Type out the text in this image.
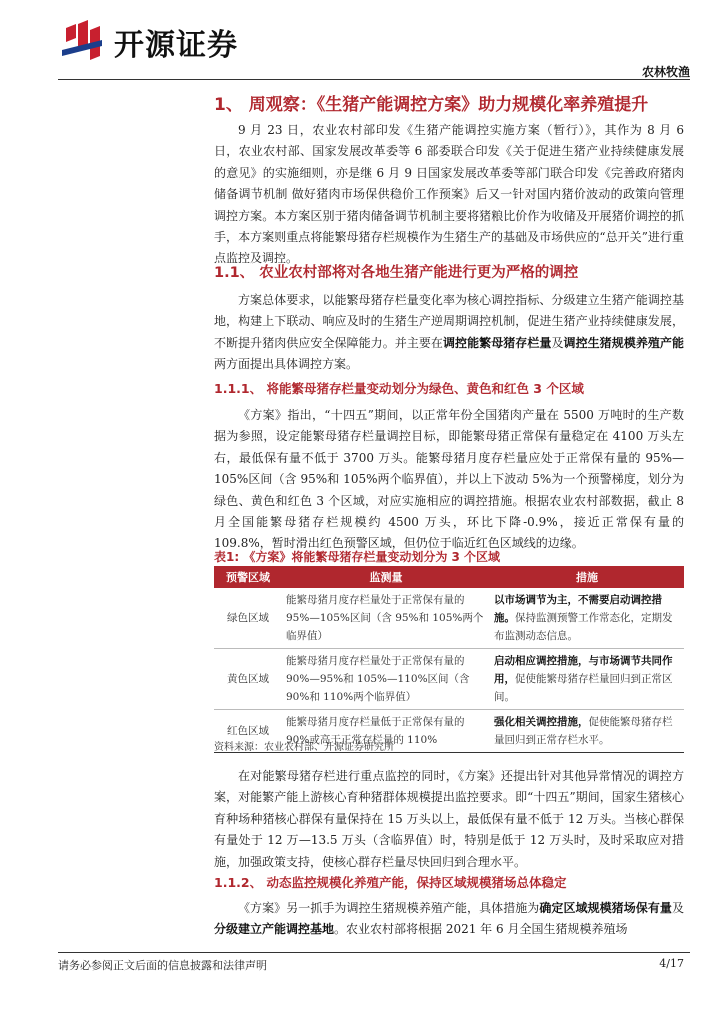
开源证券
农林牧渔
1、 周观察：《生猪产能调控方案》助力规模化率养殖提升

9 月 23 日，农业农村部印发《生猪产能调控实施方案（暂行）》，其作为 8 月 6 日，农业农村部、国家发展改革委等 6 部委联合印发《关于促进生猪产业持续健康发展的意见》的实施细则，亦是继 6 月 9 日国家发展改革委等部门联合印发《完善政府猪肉储备调节机制 做好猪肉市场保供稳价工作预案》后又一针对国内猪价波动的政策向管理调控方案。本方案区别于猪肉储备调节机制主要将猪粮比价作为收储及开展猪价调控的抓手，本方案则重点将能繁母猪存栏规模作为生猪生产的基础及市场供应的“总开关”进行重点监控及调控。

1.1、 农业农村部将对各地生猪产能进行更为严格的调控

方案总体要求，以能繁母猪存栏量变化率为核心调控指标、分级建立生猪产能调控基地，构建上下联动、响应及时的生猪生产逆周期调控机制，促进生猪产业持续健康发展，不断提升猪肉供应安全保障能力。并主要在调控能繁母猪存栏量及调控生猪规模养殖产能两方面提出具体调控方案。

1.1.1、 将能繁母猪存栏量变动划分为绿色、黄色和红色 3 个区域

《方案》指出，“十四五”期间，以正常年份全国猪肉产量在 5500 万吨时的生产数据为参照，设定能繁母猪存栏量调控目标，即能繁母猪正常保有量稳定在 4100 万头左右，最低保有量不低于 3700 万头。能繁母猪月度存栏量应处于正常保有量的 95%—105%区间（含 95%和 105%两个临界值），并以上下波动 5%为一个预警梯度，划分为绿色、黄色和红色 3 个区域，对应实施相应的调控措施。根据农业农村部数据，截止 8 月全国能繁母猪存栏规模约 4500 万头，环比下降-0.9%，接近正常保有量的 109.8%，暂时滑出红色预警区域，但仍位于临近红色区域线的边缘。

表1: 《方案》将能繁母猪存栏量变动划分为 3 个区域
预警区域	监测量	措施
绿色区域	能繁母猪月度存栏量处于正常保有量的 95%—105%区间（含 95%和 105%两个临界值）	以市场调节为主，不需要启动调控措施。保持监测预警工作常态化，定期发布监测动态信息。
黄色区域	能繁母猪月度存栏量处于正常保有量的 90%—95%和 105%—110%区间（含 90%和 110%两个临界值）	启动相应调控措施，与市场调节共同作用，促使能繁母猪存栏量回归到正常区间。
红色区域	能繁母猪月度存栏量低于正常保有量的 90%或高于正常存栏量的 110%	强化相关调控措施，促使能繁母猪存栏量回归到正常存栏水平。
资料来源：农业农村部、开源证券研究所

在对能繁母猪存栏进行重点监控的同时，《方案》还提出针对其他异常情况的调控方案，对能繁产能上游核心育种猪群体规模提出监控要求。即“十四五”期间，国家生猪核心育种场种猪核心群保有量保持在 15 万头以上，最低保有量不低于 12 万头。当核心群保有量处于 12 万—13.5 万头（含临界值）时，特别是低于 12 万头时，及时采取应对措施，加强政策支持，使核心群存栏量尽快回归到合理水平。

1.1.2、 动态监控规模化养殖产能，保持区域规模猪场总体稳定

《方案》另一抓手为调控生猪规模养殖产能，具体措施为确定区域规模猪场保有量及分级建立产能调控基地。农业农村部将根据 2021 年 6 月全国生猪规模养殖场

请务必参阅正文后面的信息披露和法律声明	4/17
